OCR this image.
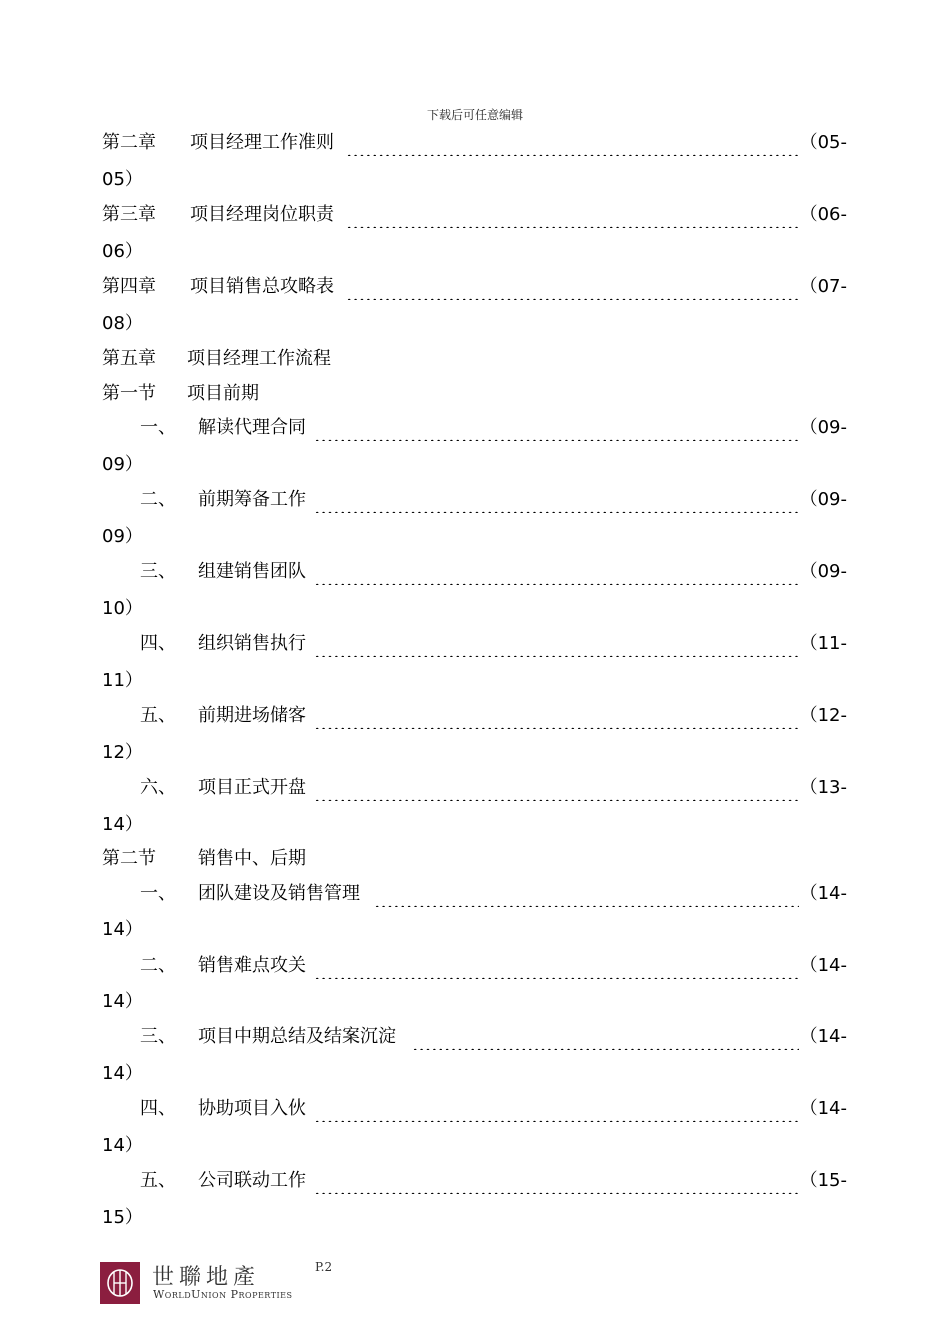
下载后可任意编辑
第二章 项目经理工作准则	（05-
05）
第三章 项目经理岗位职责	（06-
06）
第四章 项目销售总攻略表	（07-
08）
第五章 项目经理工作流程
第一节 项目前期
一、 解读代理合同	（09-
09）
二、 前期筹备工作	（09-
09）
三、 组建销售团队	（09-
10）
四、 组织销售执行	（11-
11）
五、 前期进场储客	（12-
12）
六、 项目正式开盘	（13-
14）
第二节 销售中、后期
一、 团队建设及销售管理	（14-
14）
二、 销售难点攻关	（14-
14）
三、 项目中期总结及结案沉淀	（14-
14）
四、 协助项目入伙	（14-
14）
五、 公司联动工作	（15-
15）
世聯地產
WorldUnion Properties
P.2
